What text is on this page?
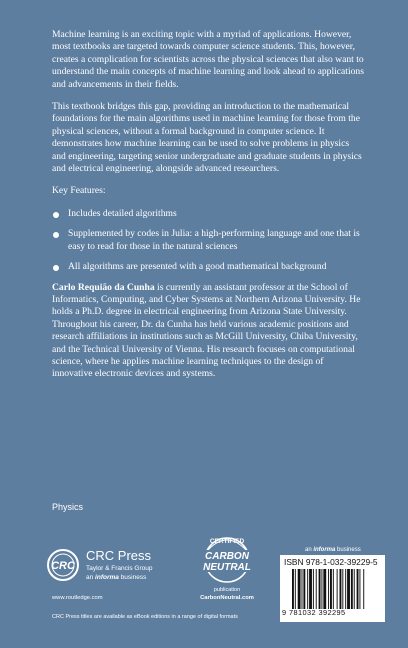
Machine learning is an exciting topic with a myriad of applications. However, most textbooks are targeted towards computer science students. This, however, creates a complication for scientists across the physical sciences that also want to understand the main concepts of machine learning and look ahead to applications and advancements in their fields.

This textbook bridges this gap, providing an introduction to the mathematical foundations for the main algorithms used in machine learning for those from the physical sciences, without a formal background in computer science. It demonstrates how machine learning can be used to solve problems in physics and engineering, targeting senior undergraduate and graduate students in physics and electrical engineering, alongside advanced researchers.

Key Features:

Includes detailed algorithms
Supplemented by codes in Julia: a high-performing language and one that is easy to read for those in the natural sciences
All algorithms are presented with a good mathematical background

Carlo Requião da Cunha is currently an assistant professor at the School of Informatics, Computing, and Cyber Systems at Northern Arizona University. He holds a Ph.D. degree in electrical engineering from Arizona State University. Throughout his career, Dr. da Cunha has held various academic positions and research affiliations in institutions such as McGill University, Chiba University, and the Technical University of Vienna. His research focuses on computational science, where he applies machine learning techniques to the design of innovative electronic devices and systems.

Physics
CRC
CRC Press
Taylor & Francis Group
an informa business
www.routledge.com
CRC Press titles are available as eBook editions in a range of digital formats
CERTIFIED
CARBON
NEUTRAL
publication
CarbonNeutral.com
an informa business
ISBN 978-1-032-39229-5
9 781032 392295
